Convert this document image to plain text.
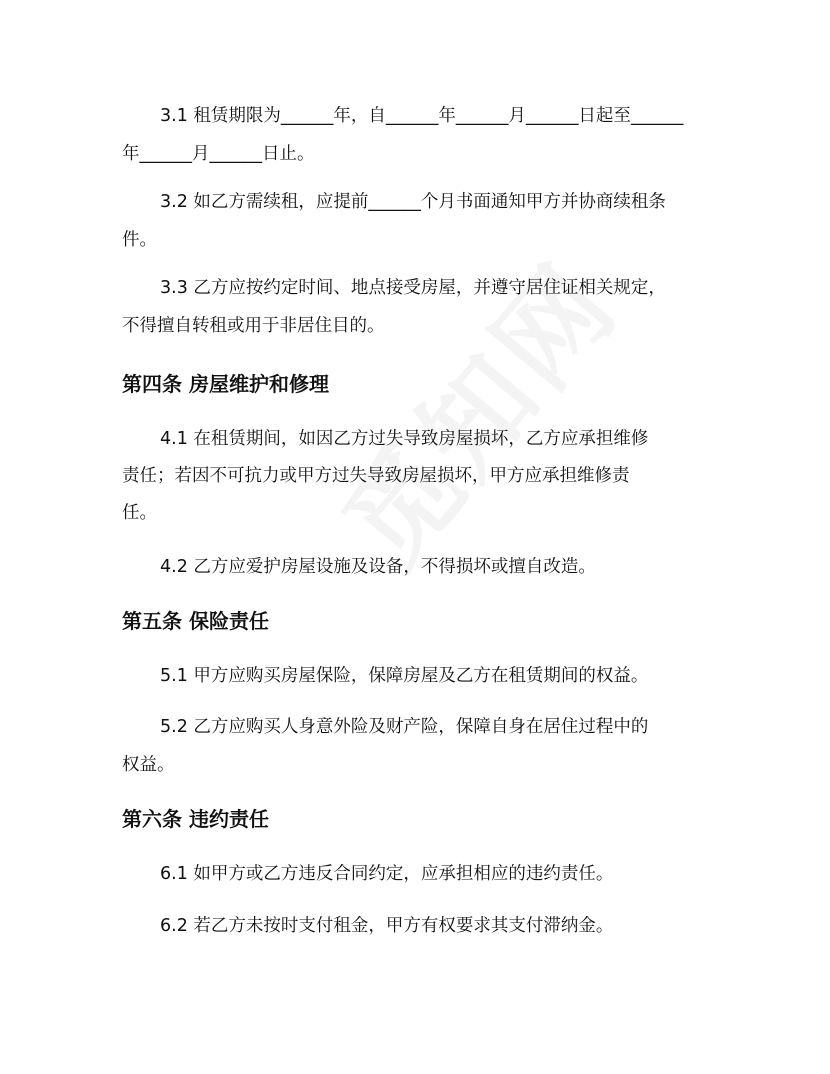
3.1 租赁期限为______年，自______年______月______日起至______
年______月______日止。
3.2 如乙方需续租，应提前______个月书面通知甲方并协商续租条
件。
3.3 乙方应按约定时间、地点接受房屋，并遵守居住证相关规定，
不得擅自转租或用于非居住目的。
第四条 房屋维护和修理
4.1 在租赁期间，如因乙方过失导致房屋损坏，乙方应承担维修
责任；若因不可抗力或甲方过失导致房屋损坏，甲方应承担维修责
任。
4.2 乙方应爱护房屋设施及设备，不得损坏或擅自改造。
第五条 保险责任
5.1 甲方应购买房屋保险，保障房屋及乙方在租赁期间的权益。
5.2 乙方应购买人身意外险及财产险，保障自身在居住过程中的
权益。
第六条 违约责任
6.1 如甲方或乙方违反合同约定，应承担相应的违约责任。
6.2 若乙方未按时支付租金，甲方有权要求其支付滞纳金。
